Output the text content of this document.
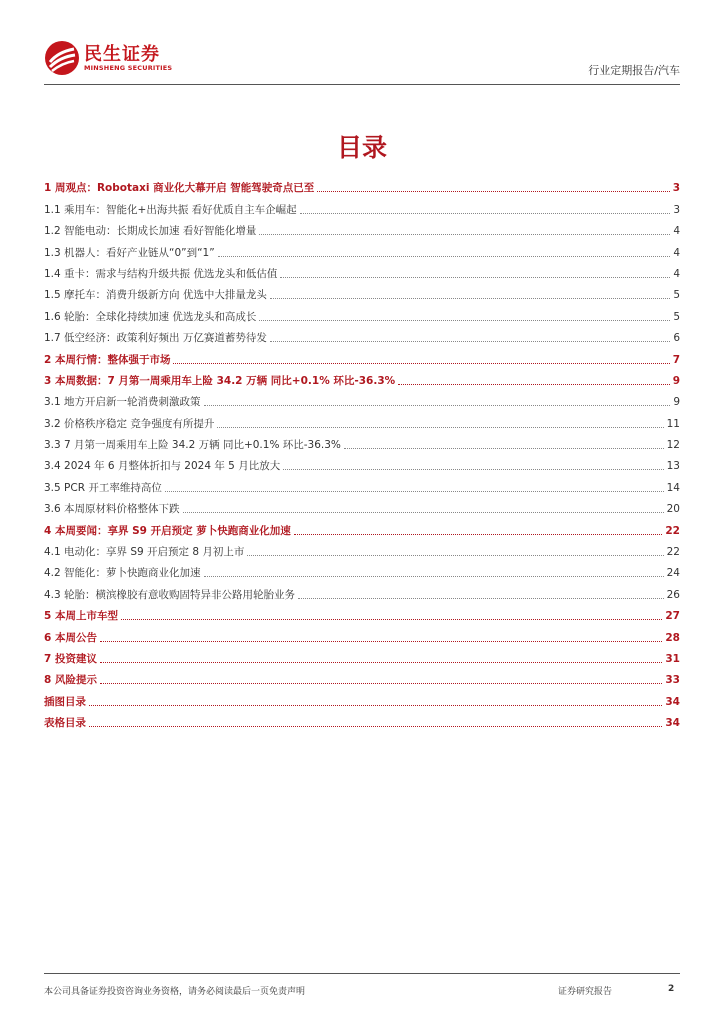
民生证券
MINSHENG SECURITIES	行业定期报告/汽车
目录
1 周观点：Robotaxi 商业化大幕开启 智能驾驶奇点已至	3
1.1 乘用车：智能化+出海共振 看好优质自主车企崛起	3
1.2 智能电动：长期成长加速 看好智能化增量	4
1.3 机器人：看好产业链从“0”到“1”	4
1.4 重卡：需求与结构升级共振 优选龙头和低估值	4
1.5 摩托车：消费升级新方向 优选中大排量龙头	5
1.6 轮胎：全球化持续加速 优选龙头和高成长	5
1.7 低空经济：政策利好频出 万亿赛道蓄势待发	6
2 本周行情：整体强于市场	7
3 本周数据：7 月第一周乘用车上险 34.2 万辆 同比+0.1% 环比-36.3%	9
3.1 地方开启新一轮消费刺激政策	9
3.2 价格秩序稳定 竞争强度有所提升	11
3.3 7 月第一周乘用车上险 34.2 万辆 同比+0.1% 环比-36.3%	12
3.4 2024 年 6 月整体折扣与 2024 年 5 月比放大	13
3.5 PCR 开工率维持高位	14
3.6 本周原材料价格整体下跌	20
4 本周要闻：享界 S9 开启预定 萝卜快跑商业化加速	22
4.1 电动化：享界 S9 开启预定 8 月初上市	22
4.2 智能化：萝卜快跑商业化加速	24
4.3 轮胎：横滨橡胶有意收购固特异非公路用轮胎业务	26
5 本周上市车型	27
6 本周公告	28
7 投资建议	31
8 风险提示	33
插图目录	34
表格目录	34
本公司具备证券投资咨询业务资格，请务必阅读最后一页免责声明	证券研究报告	2
